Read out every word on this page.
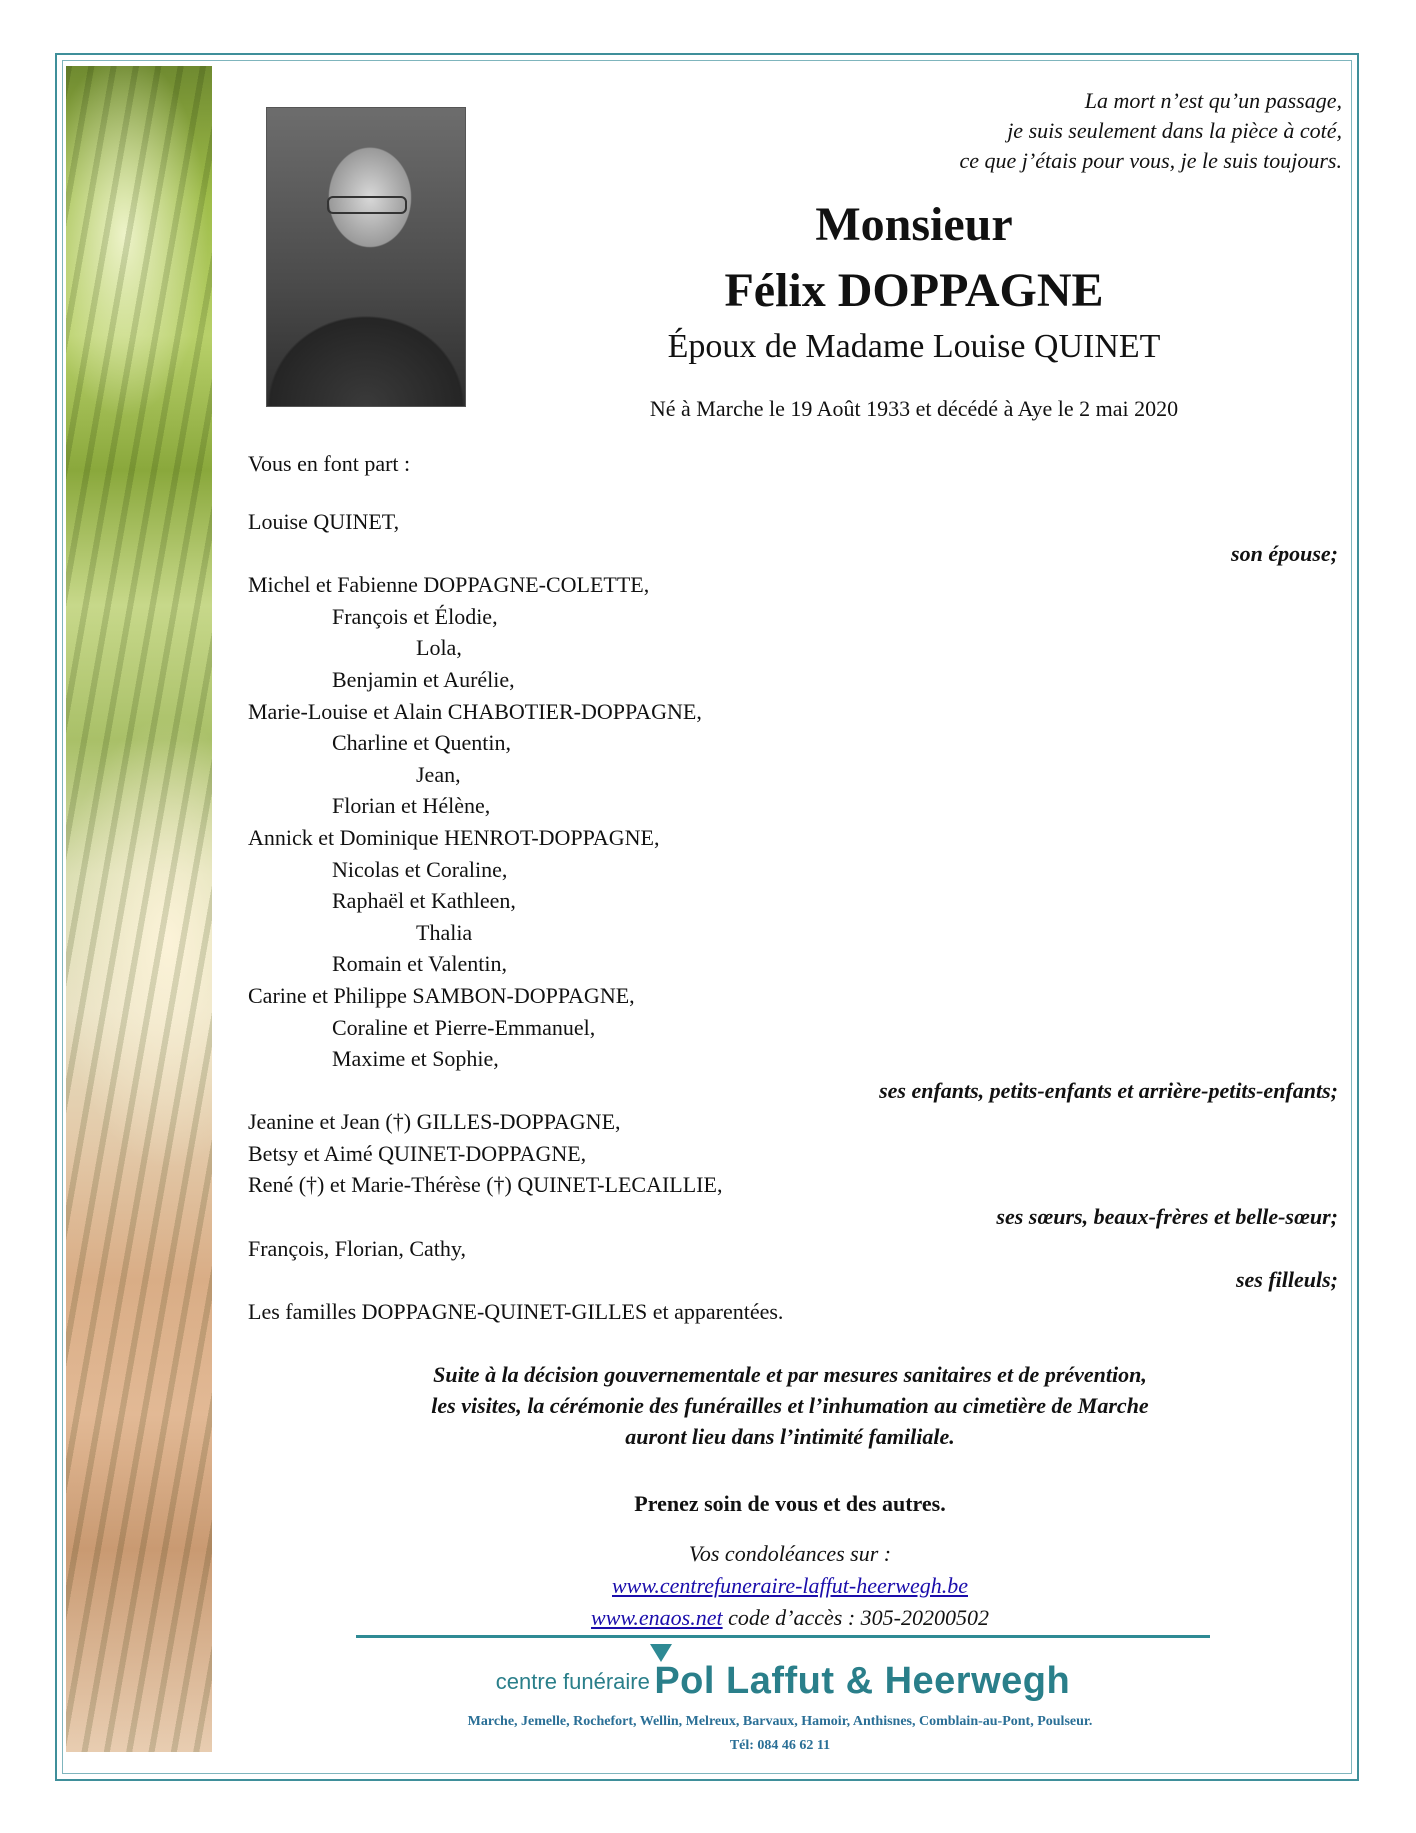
La mort n’est qu’un passage,
je suis seulement dans la pièce à coté,
ce que j’étais pour vous, je le suis toujours.
Monsieur
Félix DOPPAGNE
Époux de Madame Louise QUINET
Né à Marche le 19 Août 1933 et décédé à Aye le 2 mai 2020
Vous en font part :
Louise QUINET,
son épouse;
Michel et Fabienne DOPPAGNE-COLETTE,
François et Élodie,
Lola,
Benjamin et Aurélie,
Marie-Louise et Alain CHABOTIER-DOPPAGNE,
Charline et Quentin,
Jean,
Florian et Hélène,
Annick et Dominique HENROT-DOPPAGNE,
Nicolas et Coraline,
Raphaël et Kathleen,
Thalia
Romain et Valentin,
Carine et Philippe SAMBON-DOPPAGNE,
Coraline et Pierre-Emmanuel,
Maxime et Sophie,
ses enfants, petits-enfants et arrière-petits-enfants;
Jeanine et Jean (†) GILLES-DOPPAGNE,
Betsy et Aimé QUINET-DOPPAGNE,
René (†) et Marie-Thérèse (†) QUINET-LECAILLIE,
ses sœurs, beaux-frères et belle-sœur;
François, Florian, Cathy,
ses filleuls;
Les familles DOPPAGNE-QUINET-GILLES et apparentées.
Suite à la décision gouvernementale et par mesures sanitaires et de prévention,
les visites, la cérémonie des funérailles et l’inhumation au cimetière de Marche
auront lieu dans l’intimité familiale.
Prenez soin de vous et des autres.
Vos condoléances sur :
www.centrefuneraire-laffut-heerwegh.be
www.enaos.net code d’accès : 305-20200502
centre funéraire Pol Laffut & Heerwegh
Marche, Jemelle, Rochefort, Wellin, Melreux, Barvaux, Hamoir, Anthisnes, Comblain-au-Pont, Poulseur.
Tél: 084 46 62 11
